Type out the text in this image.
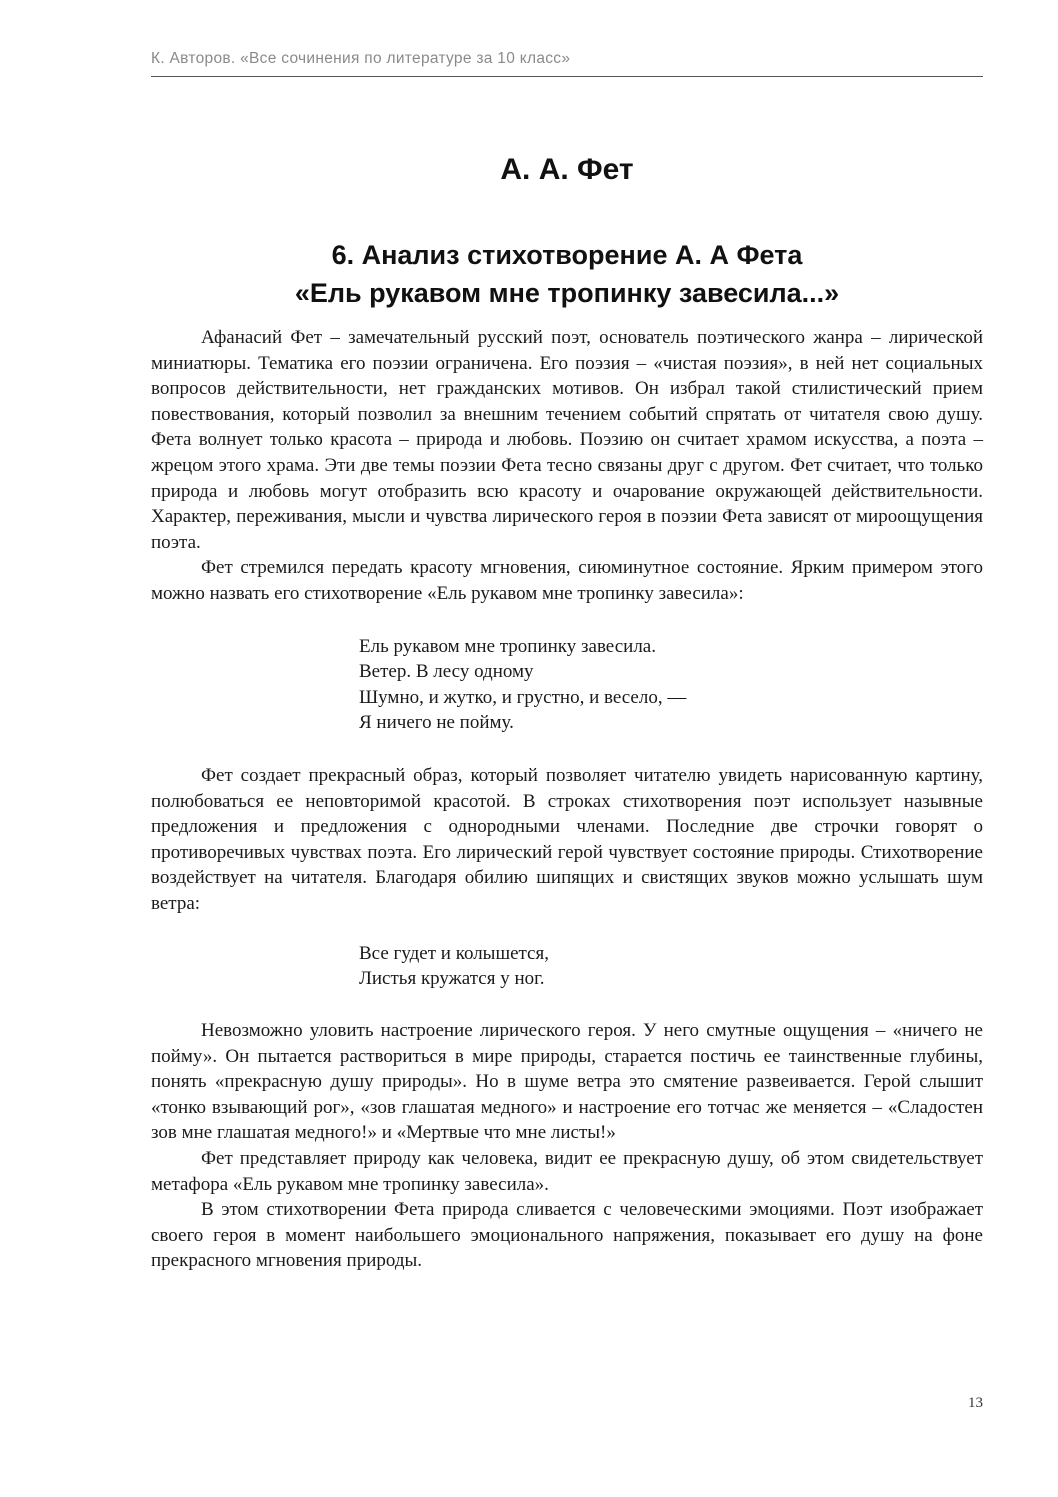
К. Авторов. «Все сочинения по литературе за 10 класс»
А. А. Фет
6. Анализ стихотворение А. А Фета
«Ель рукавом мне тропинку завесила...»

Афанасий Фет – замечательный русский поэт, основатель поэтического жанра – лирической миниатюры. Тематика его поэзии ограничена. Его поэзия – «чистая поэзия», в ней нет социальных вопросов действительности, нет гражданских мотивов. Он избрал такой стилистический прием повествования, который позволил за внешним течением событий спрятать от читателя свою душу. Фета волнует только красота – природа и любовь. Поэзию он считает храмом искусства, а поэта – жрецом этого храма. Эти две темы поэзии Фета тесно связаны друг с другом. Фет считает, что только природа и любовь могут отобразить всю красоту и очарование окружающей действительности. Характер, переживания, мысли и чувства лирического героя в поэзии Фета зависят от мироощущения поэта.

Фет стремился передать красоту мгновения, сиюминутное состояние. Ярким примером этого можно назвать его стихотворение «Ель рукавом мне тропинку завесила»:

Ель рукавом мне тропинку завесила.
Ветер. В лесу одному
Шумно, и жутко, и грустно, и весело, —
Я ничего не пойму.

Фет создает прекрасный образ, который позволяет читателю увидеть нарисованную картину, полюбоваться ее неповторимой красотой. В строках стихотворения поэт использует назывные предложения и предложения с однородными членами. Последние две строчки говорят о противоречивых чувствах поэта. Его лирический герой чувствует состояние природы. Стихотворение воздействует на читателя. Благодаря обилию шипящих и свистящих звуков можно услышать шум ветра:

Все гудет и колышется,
Листья кружатся у ног.

Невозможно уловить настроение лирического героя. У него смутные ощущения – «ничего не пойму». Он пытается раствориться в мире природы, старается постичь ее таинственные глубины, понять «прекрасную душу природы». Но в шуме ветра это смятение развеивается. Герой слышит «тонко взывающий рог», «зов глашатая медного» и настроение его тотчас же меняется – «Сладостен зов мне глашатая медного!» и «Мертвые что мне листы!»

Фет представляет природу как человека, видит ее прекрасную душу, об этом свидетельствует метафора «Ель рукавом мне тропинку завесила».

В этом стихотворении Фета природа сливается с человеческими эмоциями. Поэт изображает своего героя в момент наибольшего эмоционального напряжения, показывает его душу на фоне прекрасного мгновения природы.

13
